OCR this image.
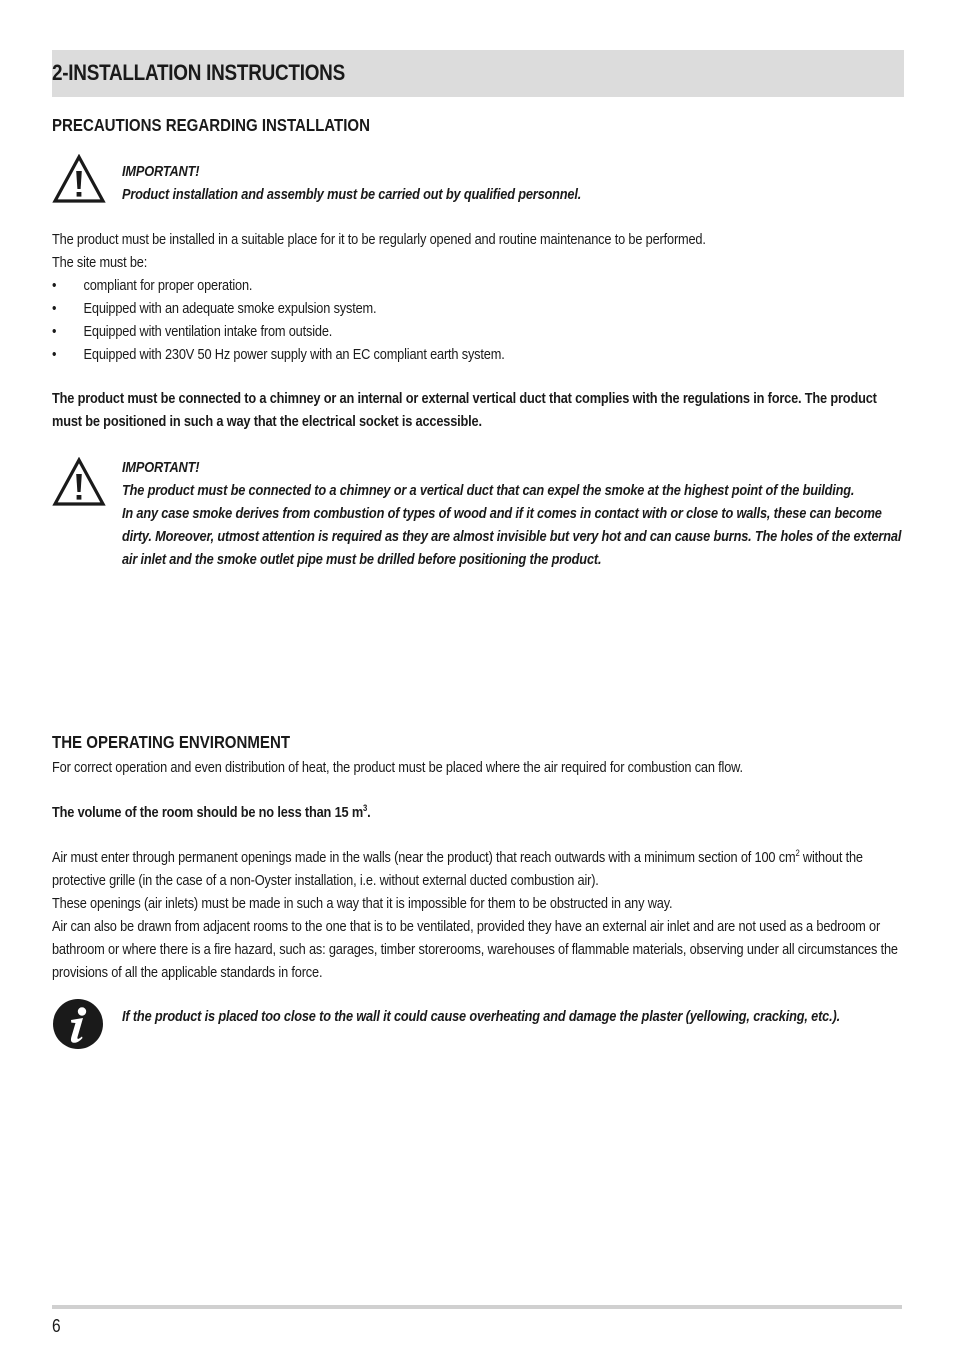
2-INSTALLATION INSTRUCTIONS
PRECAUTIONS REGARDING INSTALLATION

IMPORTANT!

Product installation and assembly must be carried out by qualified personnel.

The product must be installed in a suitable place for it to be regularly opened and routine maintenance to be performed.

The site must be:

• compliant for proper operation.
• Equipped with an adequate smoke expulsion system.
• Equipped with ventilation intake from outside.
• Equipped with 230V 50 Hz power supply with an EC compliant earth system.

The product must be connected to a chimney or an internal or external vertical duct that complies with the regulations in force. The product must be positioned in such a way that the electrical socket is accessible.

IMPORTANT!

The product must be connected to a chimney or a vertical duct that can expel the smoke at the highest point of the building.

In any case smoke derives from combustion of types of wood and if it comes in contact with or close to walls, these can become dirty. Moreover, utmost attention is required as they are almost invisible but very hot and can cause burns. The holes of the external air inlet and the smoke outlet pipe must be drilled before positioning the product.

THE OPERATING ENVIRONMENT

For correct operation and even distribution of heat, the product must be placed where the air required for combustion can flow.

The volume of the room should be no less than 15 $m^3$.

Air must enter through permanent openings made in the walls (near the product) that reach outwards with a minimum section of 100 $cm^2$ without the protective grille (in the case of a non-Oyster installation, i.e. without external ducted combustion air).

These openings (air inlets) must be made in such a way that it is impossible for them to be obstructed in any way.

Air can also be drawn from adjacent rooms to the one that is to be ventilated, provided they have an external air inlet and are not used as a bedroom or bathroom or where there is a fire hazard, such as: garages, timber storerooms, warehouses of flammable materials, observing under all circumstances the provisions of all the applicable standards in force.

If the product is placed too close to the wall it could cause overheating and damage the plaster (yellowing, cracking, etc.).

6
